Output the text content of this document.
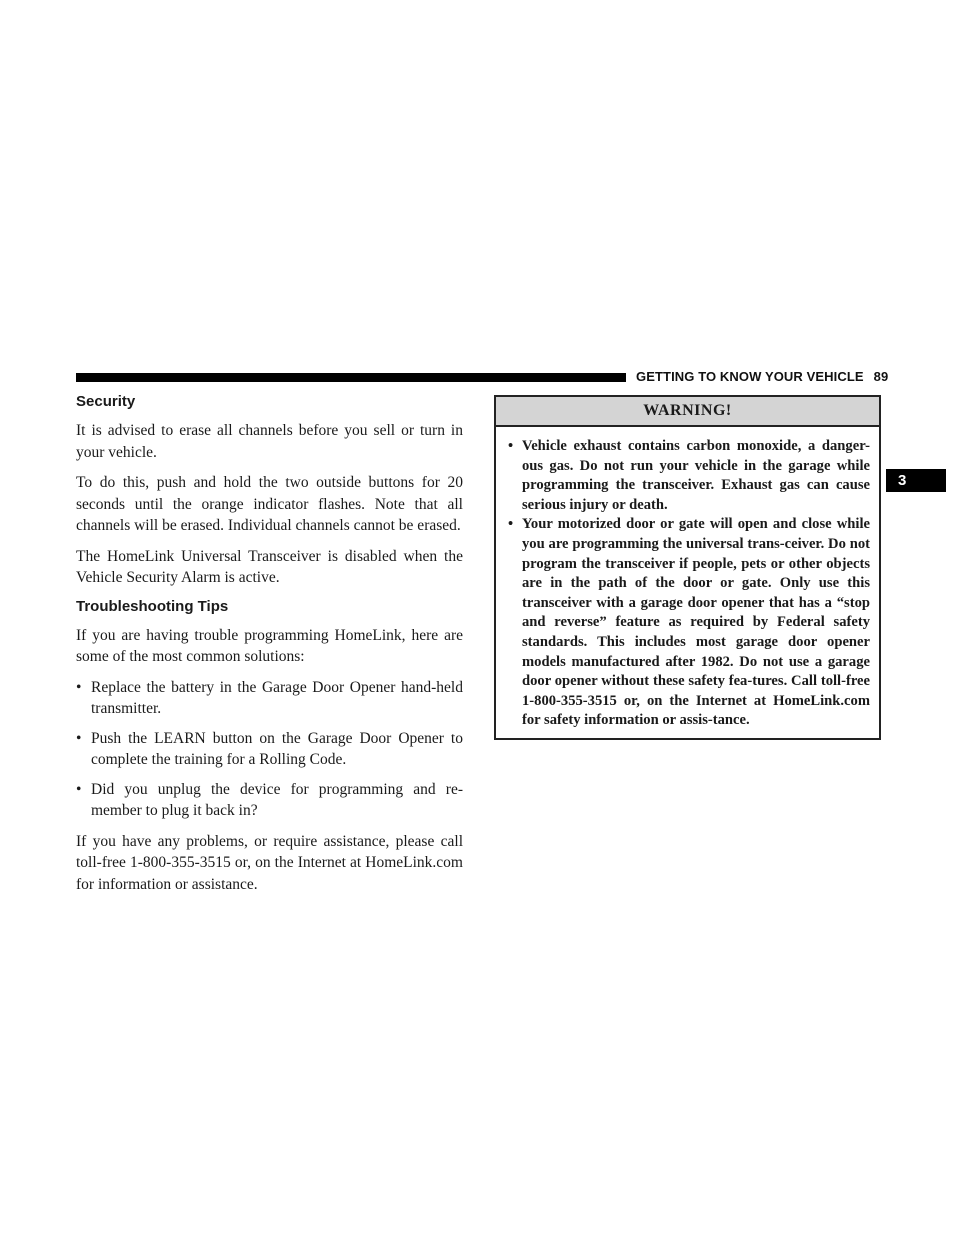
GETTING TO KNOW YOUR VEHICLE 89
3
Security

It is advised to erase all channels before you sell or turn in your vehicle.

To do this, push and hold the two outside buttons for 20 seconds until the orange indicator flashes. Note that all channels will be erased. Individual channels cannot be erased.

The HomeLink Universal Transceiver is disabled when the Vehicle Security Alarm is active.

Troubleshooting Tips

If you are having trouble programming HomeLink, here are some of the most common solutions:

• Replace the battery in the Garage Door Opener hand-held transmitter.
• Push the LEARN button on the Garage Door Opener to complete the training for a Rolling Code.
• Did you unplug the device for programming and re-member to plug it back in?

If you have any problems, or require assistance, please call toll-free 1-800-355-3515 or, on the Internet at HomeLink.com for information or assistance.

WARNING!
• Vehicle exhaust contains carbon monoxide, a danger-ous gas. Do not run your vehicle in the garage while programming the transceiver. Exhaust gas can cause serious injury or death.
• Your motorized door or gate will open and close while you are programming the universal trans-ceiver. Do not program the transceiver if people, pets or other objects are in the path of the door or gate. Only use this transceiver with a garage door opener that has a “stop and reverse” feature as required by Federal safety standards. This includes most garage door opener models manufactured after 1982. Do not use a garage door opener without these safety fea-tures. Call toll-free 1-800-355-3515 or, on the Internet at HomeLink.com for safety information or assis-tance.
